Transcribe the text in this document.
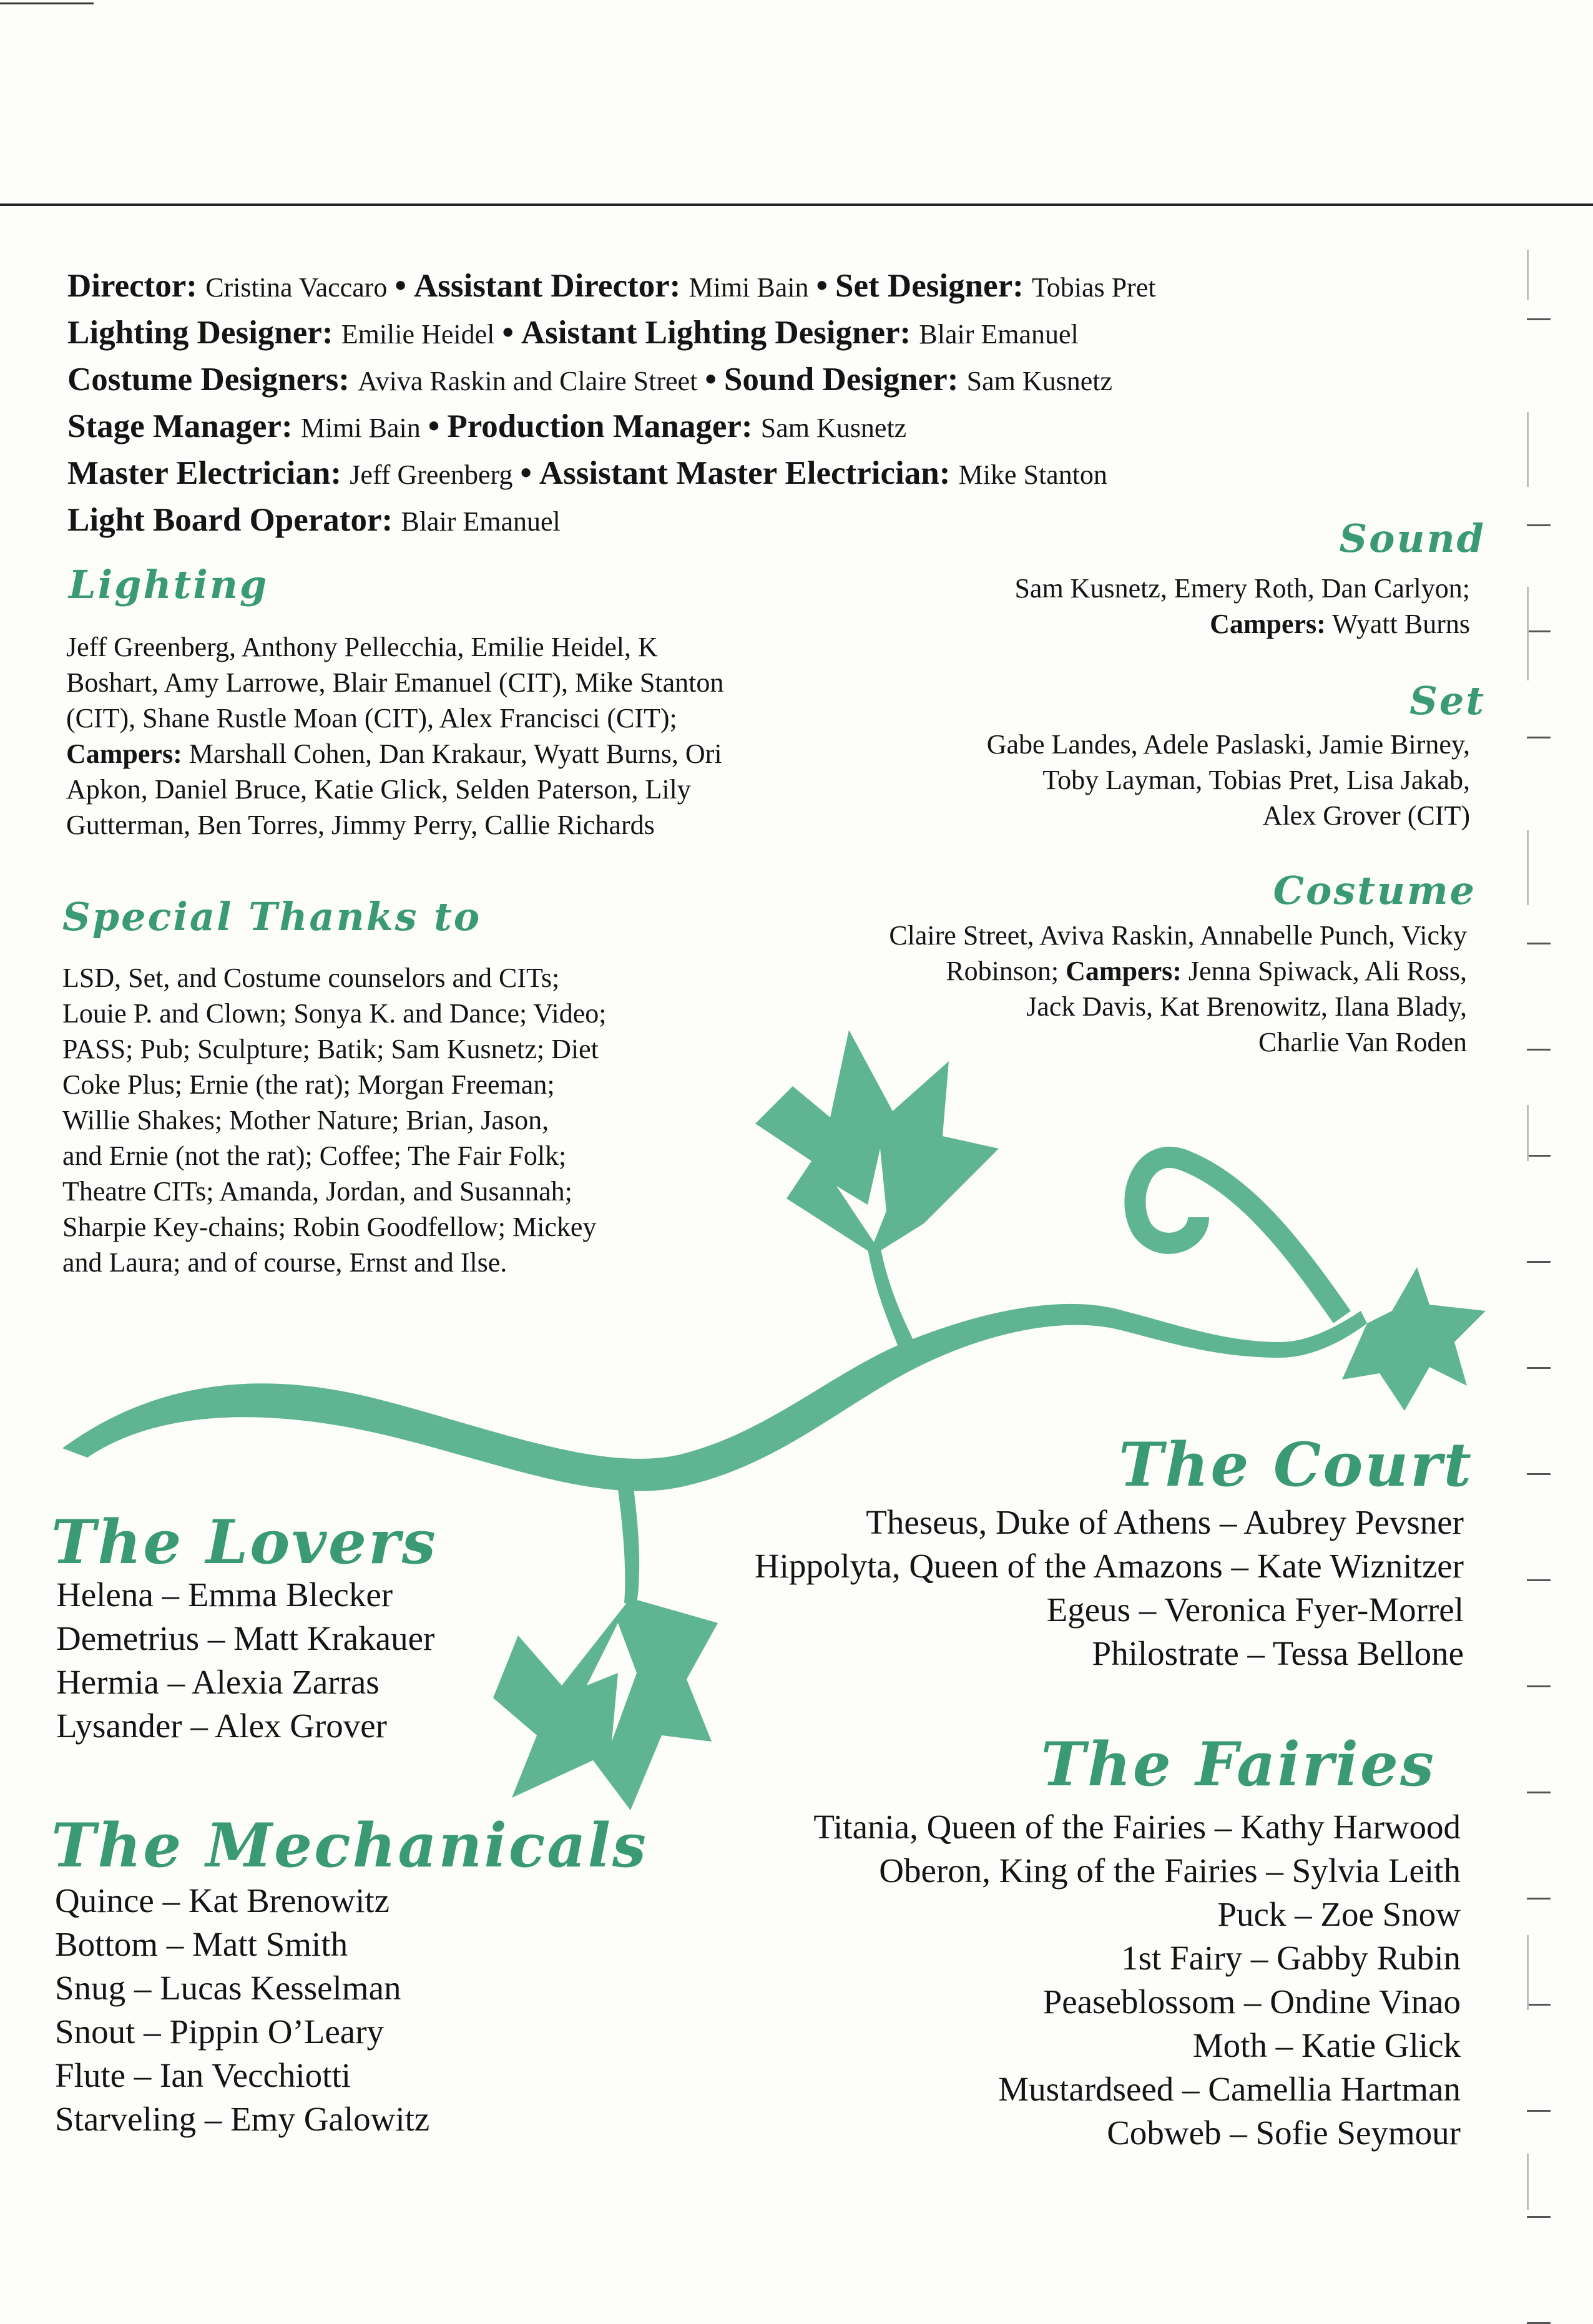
Director: Cristina Vaccaro • Assistant Director: Mimi Bain • Set Designer: Tobias Pret
Lighting Designer: Emilie Heidel • Asistant Lighting Designer: Blair Emanuel
Costume Designers: Aviva Raskin and Claire Street • Sound Designer: Sam Kusnetz
Stage Manager: Mimi Bain • Production Manager: Sam Kusnetz
Master Electrician: Jeff Greenberg • Assistant Master Electrician: Mike Stanton
Light Board Operator: Blair Emanuel
Lighting
Jeff Greenberg, Anthony Pellecchia, Emilie Heidel, K
Boshart, Amy Larrowe, Blair Emanuel (CIT), Mike Stanton
(CIT), Shane Rustle Moan (CIT), Alex Francisci (CIT);
Campers: Marshall Cohen, Dan Krakaur, Wyatt Burns, Ori
Apkon, Daniel Bruce, Katie Glick, Selden Paterson, Lily
Gutterman, Ben Torres, Jimmy Perry, Callie Richards
Special Thanks to
LSD, Set, and Costume counselors and CITs;
Louie P. and Clown; Sonya K. and Dance; Video;
PASS; Pub; Sculpture; Batik; Sam Kusnetz; Diet
Coke Plus; Ernie (the rat); Morgan Freeman;
Willie Shakes; Mother Nature; Brian, Jason,
and Ernie (not the rat); Coffee; The Fair Folk;
Theatre CITs; Amanda, Jordan, and Susannah;
Sharpie Key-chains; Robin Goodfellow; Mickey
and Laura; and of course, Ernst and Ilse.
Sound
Sam Kusnetz, Emery Roth, Dan Carlyon;
Campers: Wyatt Burns
Set
Gabe Landes, Adele Paslaski, Jamie Birney,
Toby Layman, Tobias Pret, Lisa Jakab,
Alex Grover (CIT)
Costume
Claire Street, Aviva Raskin, Annabelle Punch, Vicky
Robinson; Campers: Jenna Spiwack, Ali Ross,
Jack Davis, Kat Brenowitz, Ilana Blady,
Charlie Van Roden
The Court
Theseus, Duke of Athens – Aubrey Pevsner
Hippolyta, Queen of the Amazons – Kate Wiznitzer
Egeus – Veronica Fyer-Morrel
Philostrate – Tessa Bellone
The Lovers
Helena – Emma Blecker
Demetrius – Matt Krakauer
Hermia – Alexia Zarras
Lysander – Alex Grover
The Fairies
Titania, Queen of the Fairies – Kathy Harwood
Oberon, King of the Fairies – Sylvia Leith
Puck – Zoe Snow
1st Fairy – Gabby Rubin
Peaseblossom – Ondine Vinao
Moth – Katie Glick
Mustardseed – Camellia Hartman
Cobweb – Sofie Seymour
The Mechanicals
Quince – Kat Brenowitz
Bottom – Matt Smith
Snug – Lucas Kesselman
Snout – Pippin O’Leary
Flute – Ian Vecchiotti
Starveling – Emy Galowitz
